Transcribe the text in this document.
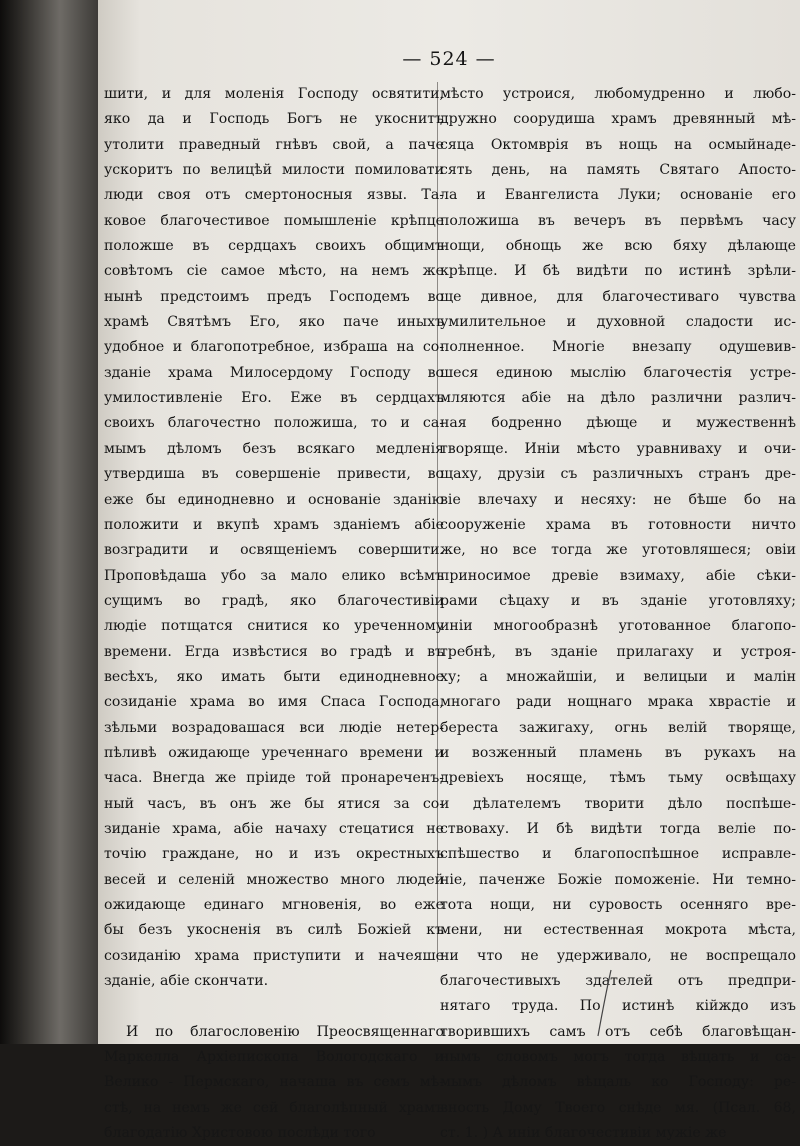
— 524 —
шити, и для моленія Господу освятити,
яко да и Господь Богъ не укоснитъ
утолити праведный гнѣвъ свой, а паче
ускоритъ по велицѣй милости помиловати
люди своя отъ смертоносныя язвы. Та-
ковое благочестивое помышленіе крѣпце
положше въ сердцахъ своихъ общимъ
совѣтомъ сіе самое мѣсто, на немъ же
нынѣ предстоимъ предъ Господемъ во
храмѣ Святѣмъ Его, яко паче иныхъ
удобное и благопотребное, избраша на со-
зданіе храма Милосердому Господу во
умилостивленіе Его. Еже въ сердцахъ
своихъ благочестно положиша, то и са-
мымъ дѣломъ безъ всякаго медленія
утвердиша въ совершеніе привести, во
еже бы единодневно и основаніе зданію
положити и вкупѣ храмъ зданіемъ абіе
возградити и освященіемъ совершити.
Проповѣдаша убо за мало елико всѣмъ
сущимъ во градѣ, яко благочестивіи
людіе потщатся снитися ко уреченному
времени. Егда извѣстися во градѣ и въ
весѣхъ, яко имать быти единодневное
созиданіе храма во имя Спаса Господа,
зѣльми возрадовашася вси людіе нетер-
пѣливѣ ожидающе уреченнаго времени и
часа. Внегда же пріиде той пронареченъ-
ный часъ, въ онъ же бы ятися за со-
зиданіе храма, абіе начаху стецатися не
точію граждане, но и изъ окрестныхъ
весей и селеній множество много людей
ожидающе единаго мгновенія, во еже
бы безъ укосненія въ силѣ Божіей къ
созиданію храма приступити и начеяше
зданіе, абіе скончати.
И по благословенію Преосвященнаго
Маркелла Архіепископа Вологодскаго и
Велико - Пермскаго, начаша въ семъ мѣ-
стѣ, на немъ же сей благолѣпный храмъ
благодатію Христовою послѣди того
мѣсто устроися, любомудренно и любо-
дружно соорудиша храмъ древянный мѣ-
сяца Октомврія въ нощь на осмыйнаде-
сять день, на память Святаго Апосто-
ла и Евангелиста Луки; основаніе его
положиша въ вечеръ въ первѣмъ часу
нощи, обнощь же всю бяху дѣлающе
крѣпце. И бѣ видѣти по истинѣ зрѣли-
ще дивное, для благочестиваго чувства
умилительное и духовной сладости ис-
полненное. Многіе внезапу одушевив-
шеся единою мыслію благочестія устре-
мляются абіе на дѣло различни различ-
ная бодренно дѣюще и мужественнѣ
творяще. Иніи мѣсто уравниваху и очи-
щаху, друзіи съ различныхъ странъ дре-
віе влечаху и несяху: не бѣше бо на
сооруженіе храма въ готовности ничто
же, но все тогда же уготовляшеся; овіи
приносимое древіе взимаху, абіе сѣки-
рами сѣцаху и въ зданіе уготовляху;
иніи многообразнѣ уготованное благопо-
требнѣ, въ зданіе прилагаху и устроя-
ху; а множайшіи, и велицыи и малін
многаго ради нощнаго мрака хврастіе и
береста зажигаху, огнь велій творяще,
и возженный пламень въ рукахъ на
древіехъ носяще, тѣмъ тьму освѣщаху
и дѣлателемъ творити дѣло поспѣше-
ствоваху. И бѣ видѣти тогда веліе по-
спѣшество и благопоспѣшное исправле-
ніе, паченже Божіе поможеніе. Ни темно-
тота нощи, ни суровость осенняго вре-
мени, ни естественная мокрота мѣста,
ни что не удерживало, не воспрещало
благочестивыхъ здателей отъ предпри-
нятаго труда. По истинѣ кійждо изъ
творившихъ самъ отъ себѣ благовѣщан-
нымъ словомъ могъ тогда вѣщать и са-
мымъ дѣломъ вѣщаль ко Господу: ре-
вность Дому Твоего снѣде мя. (Псал. 68,
ст. 1. ) А иніи благочестивіи мужіе же
